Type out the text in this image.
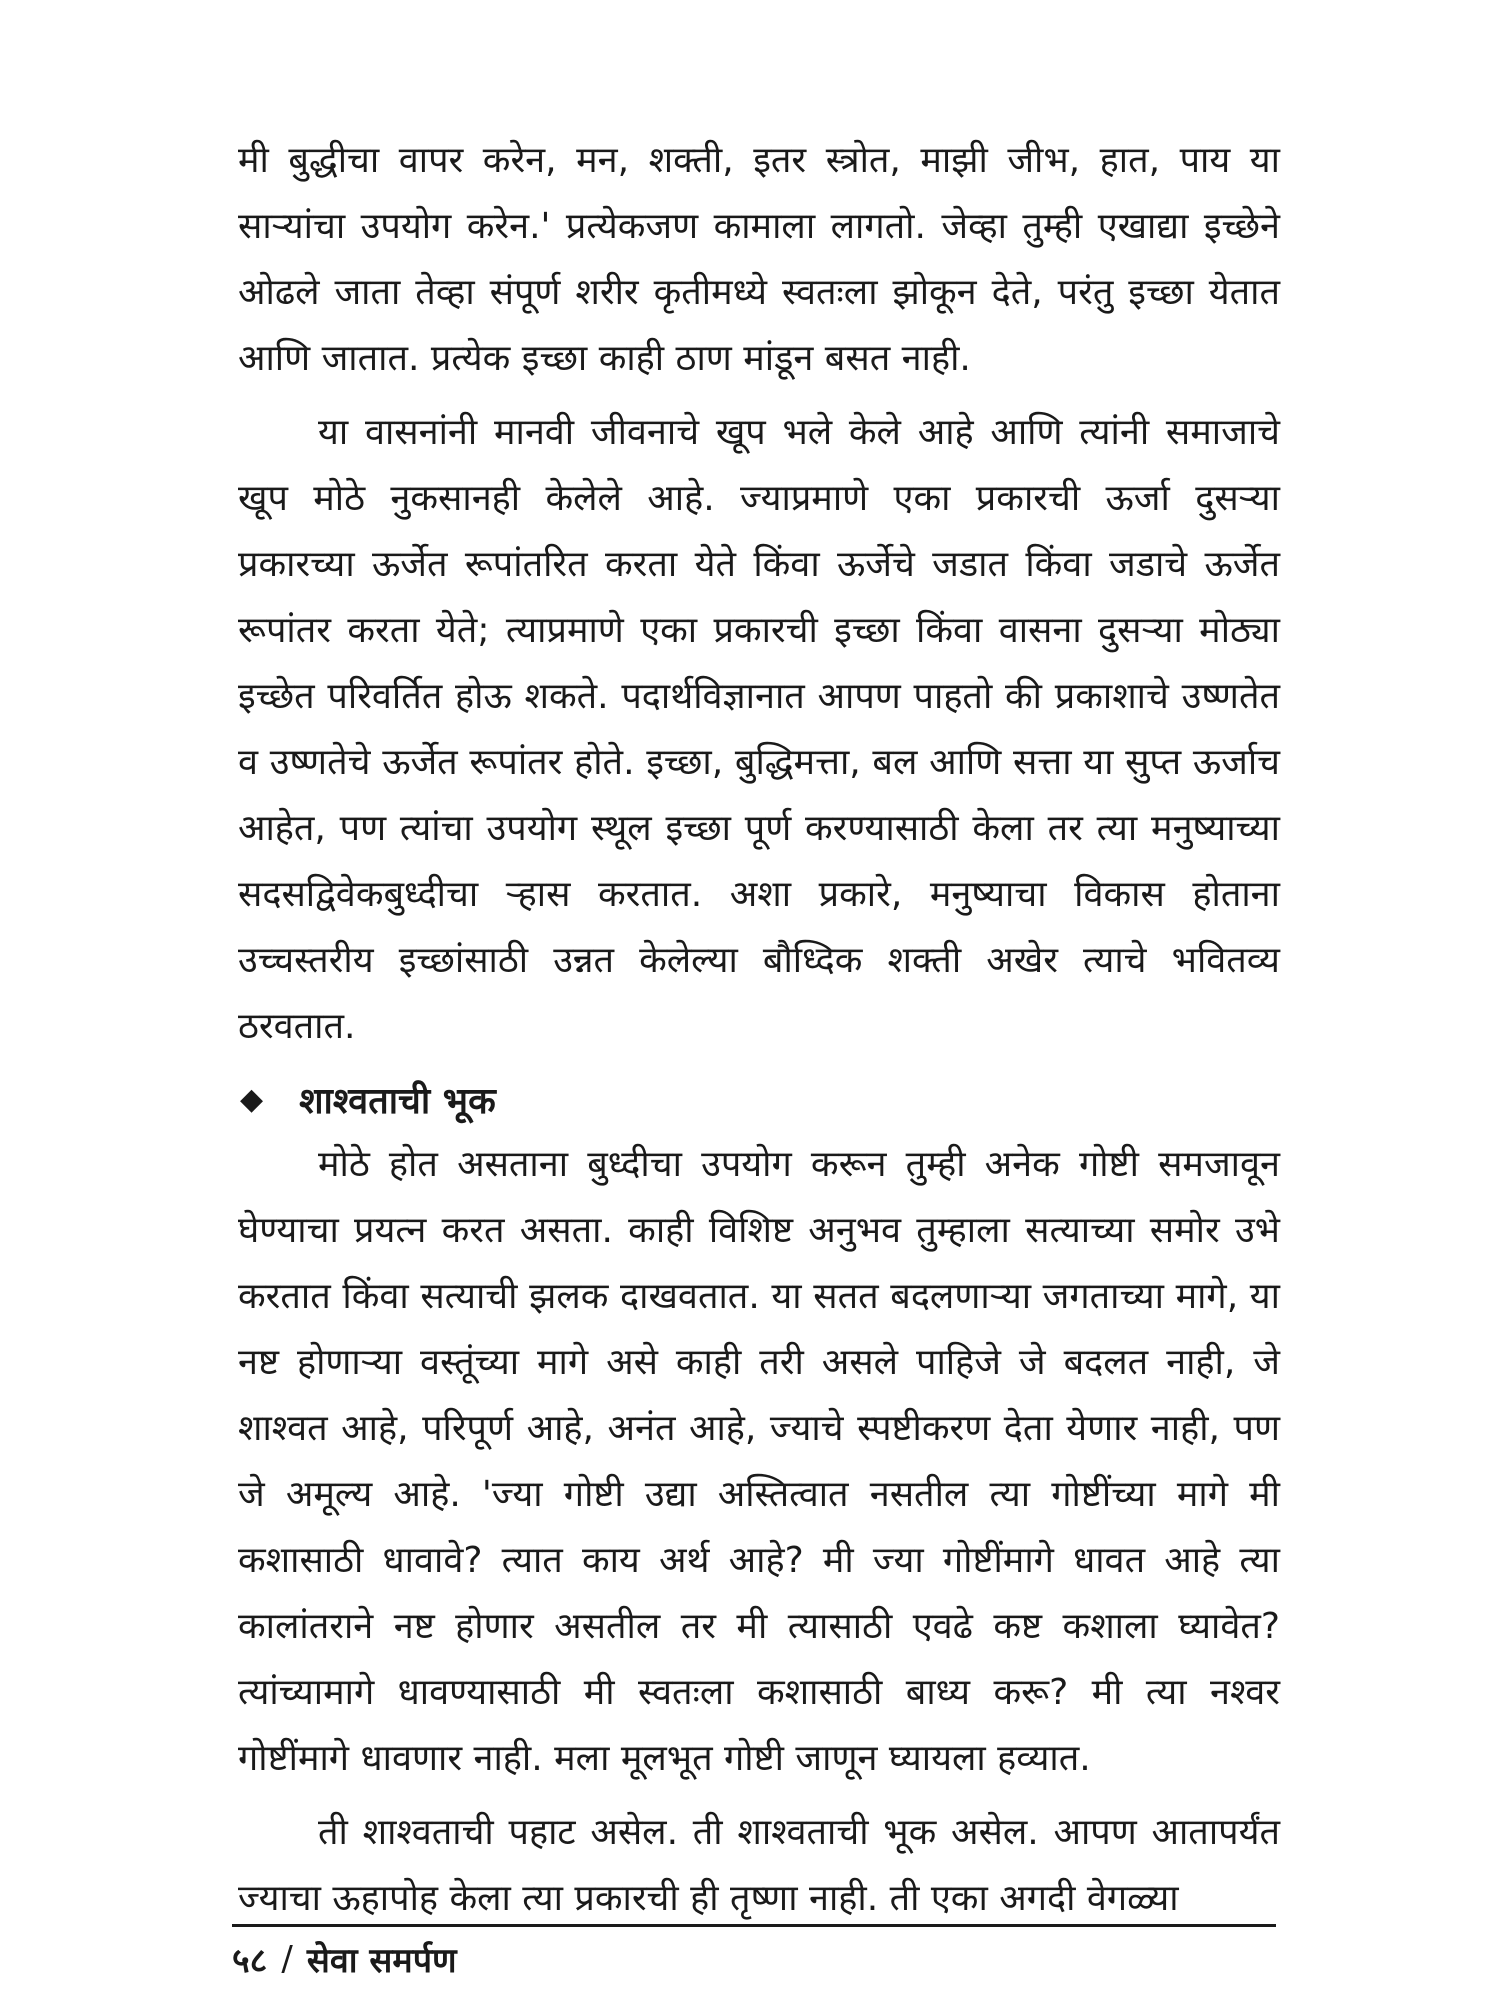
मी बुद्धीचा वापर करेन, मन, शक्ती, इतर स्त्रोत, माझी जीभ, हात, पाय या साऱ्यांचा उपयोग करेन.' प्रत्येकजण कामाला लागतो. जेव्हा तुम्ही एखाद्या इच्छेने ओढले जाता तेव्हा संपूर्ण शरीर कृतीमध्ये स्वतःला झोकून देते, परंतु इच्छा येतात आणि जातात. प्रत्येक इच्छा काही ठाण मांडून बसत नाही.

या वासनांनी मानवी जीवनाचे खूप भले केले आहे आणि त्यांनी समाजाचे खूप मोठे नुकसानही केलेले आहे. ज्याप्रमाणे एका प्रकारची ऊर्जा दुसऱ्या प्रकारच्या ऊर्जेत रूपांतरित करता येते किंवा ऊर्जेचे जडात किंवा जडाचे ऊर्जेत रूपांतर करता येते; त्याप्रमाणे एका प्रकारची इच्छा किंवा वासना दुसऱ्या मोठ्या इच्छेत परिवर्तित होऊ शकते. पदार्थविज्ञानात आपण पाहतो की प्रकाशाचे उष्णतेत व उष्णतेचे ऊर्जेत रूपांतर होते. इच्छा, बुद्धिमत्ता, बल आणि सत्ता या सुप्त ऊर्जाच आहेत, पण त्यांचा उपयोग स्थूल इच्छा पूर्ण करण्यासाठी केला तर त्या मनुष्याच्या सदसद्विवेकबुध्दीचा ऱ्हास करतात. अशा प्रकारे, मनुष्याचा विकास होताना उच्चस्तरीय इच्छांसाठी उन्नत केलेल्या बौध्दिक शक्ती अखेर त्याचे भवितव्य ठरवतात.

◆ शाश्वताची भूक

मोठे होत असताना बुध्दीचा उपयोग करून तुम्ही अनेक गोष्टी समजावून घेण्याचा प्रयत्न करत असता. काही विशिष्ट अनुभव तुम्हाला सत्याच्या समोर उभे करतात किंवा सत्याची झलक दाखवतात. या सतत बदलणाऱ्या जगताच्या मागे, या नष्ट होणाऱ्या वस्तूंच्या मागे असे काही तरी असले पाहिजे जे बदलत नाही, जे शाश्वत आहे, परिपूर्ण आहे, अनंत आहे, ज्याचे स्पष्टीकरण देता येणार नाही, पण जे अमूल्य आहे. 'ज्या गोष्टी उद्या अस्तित्वात नसतील त्या गोष्टींच्या मागे मी कशासाठी धावावे? त्यात काय अर्थ आहे? मी ज्या गोष्टींमागे धावत आहे त्या कालांतराने नष्ट होणार असतील तर मी त्यासाठी एवढे कष्ट कशाला घ्यावेत? त्यांच्यामागे धावण्यासाठी मी स्वतःला कशासाठी बाध्य करू? मी त्या नश्वर गोष्टींमागे धावणार नाही. मला मूलभूत गोष्टी जाणून घ्यायला हव्यात.

ती शाश्वताची पहाट असेल. ती शाश्वताची भूक असेल. आपण आतापर्यंत ज्याचा ऊहापोह केला त्या प्रकारची ही तृष्णा नाही. ती एका अगदी वेगळ्या

५८ / सेवा समर्पण
